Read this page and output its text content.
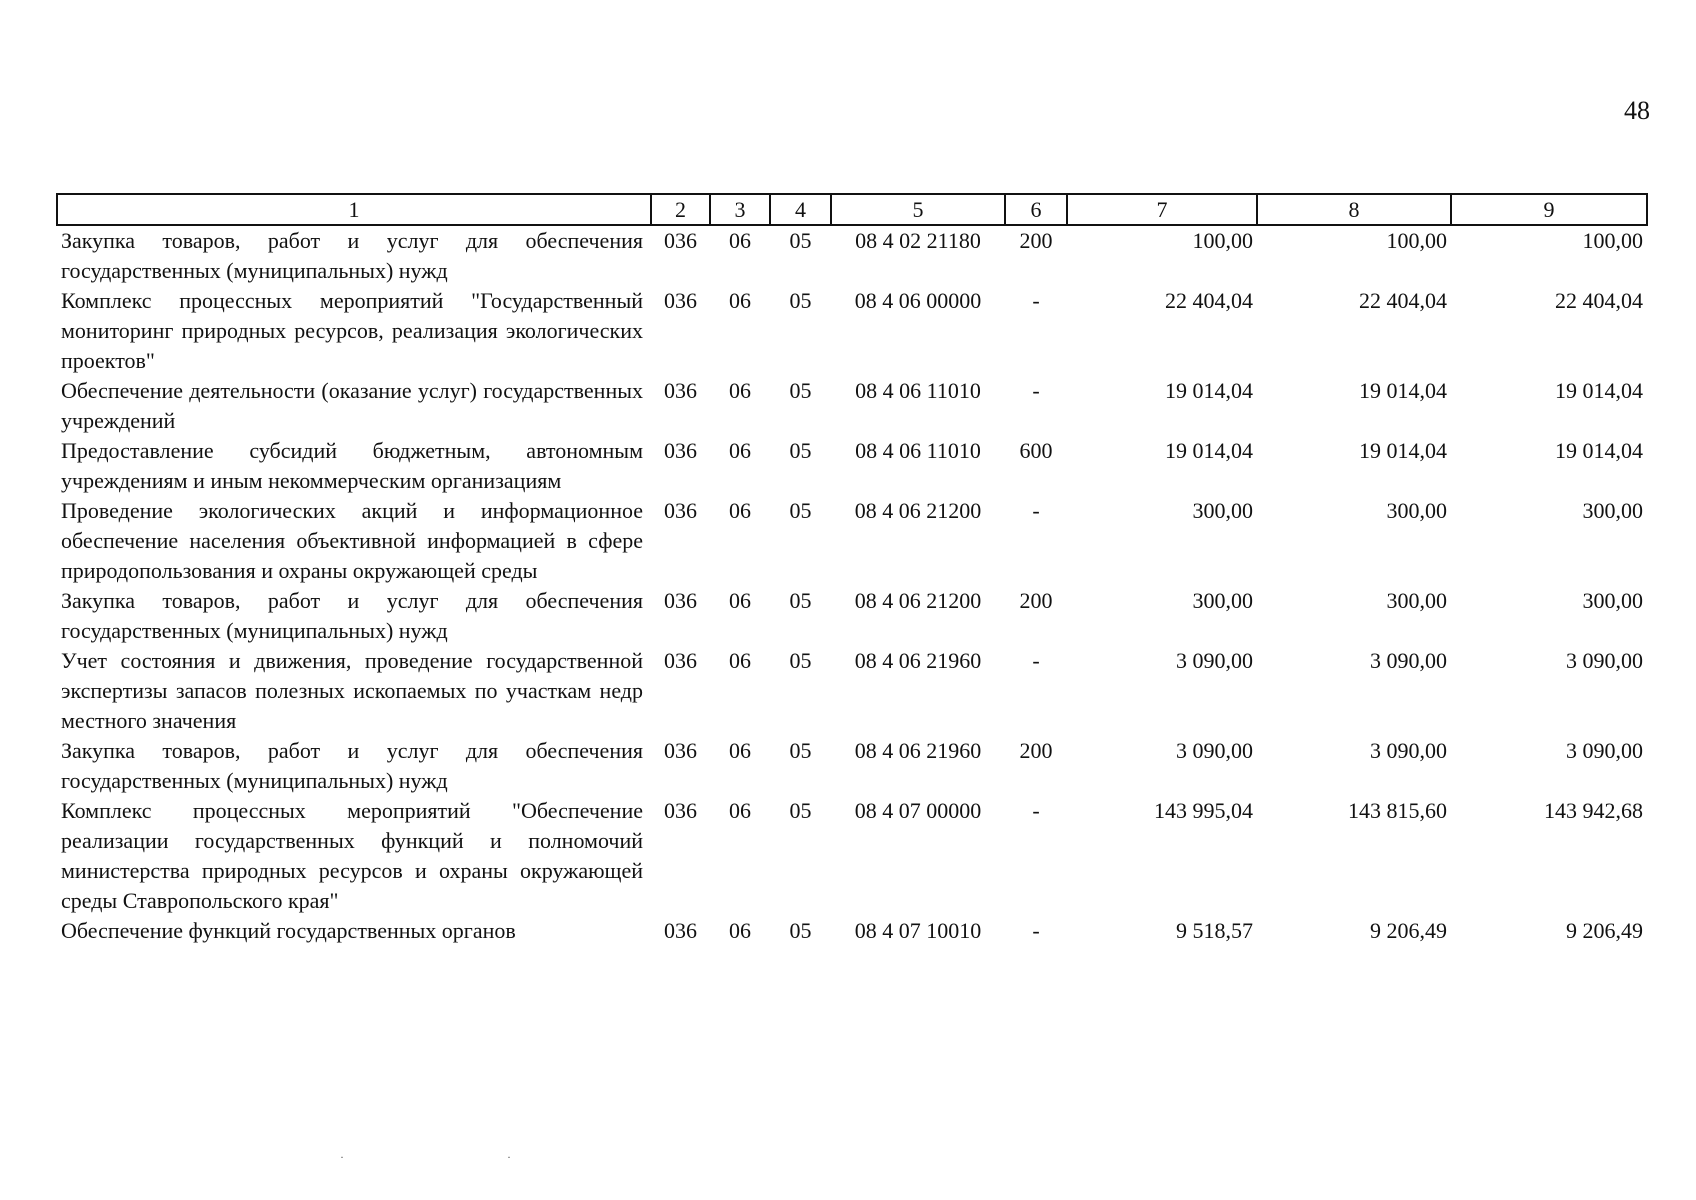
48
1	2	3	4	5	6	7	8	9
Закупка товаров, работ и услуг для обеспечения государственных (муниципальных) нужд	036	06	05	08 4 02 21180	200	100,00	100,00	100,00
Комплекс процессных мероприятий "Государственный мониторинг природных ресурсов, реализация экологических проектов"	036	06	05	08 4 06 00000	-	22 404,04	22 404,04	22 404,04
Обеспечение деятельности (оказание услуг) государственных учреждений	036	06	05	08 4 06 11010	-	19 014,04	19 014,04	19 014,04
Предоставление субсидий бюджетным, автономным учреждениям и иным некоммерческим организациям	036	06	05	08 4 06 11010	600	19 014,04	19 014,04	19 014,04
Проведение экологических акций и информационное обеспечение населения объективной информацией в сфере природопользования и охраны окружающей среды	036	06	05	08 4 06 21200	-	300,00	300,00	300,00
Закупка товаров, работ и услуг для обеспечения государственных (муниципальных) нужд	036	06	05	08 4 06 21200	200	300,00	300,00	300,00
Учет состояния и движения, проведение государственной экспертизы запасов полезных ископаемых по участкам недр местного значения	036	06	05	08 4 06 21960	-	3 090,00	3 090,00	3 090,00
Закупка товаров, работ и услуг для обеспечения государственных (муниципальных) нужд	036	06	05	08 4 06 21960	200	3 090,00	3 090,00	3 090,00
Комплекс процессных мероприятий "Обеспечение реализации государственных функций и полномочий министерства природных ресурсов и охраны окружающей среды Ставропольского края"	036	06	05	08 4 07 00000	-	143 995,04	143 815,60	143 942,68
Обеспечение функций государственных органов	036	06	05	08 4 07 10010	-	9 518,57	9 206,49	9 206,49
· ·
